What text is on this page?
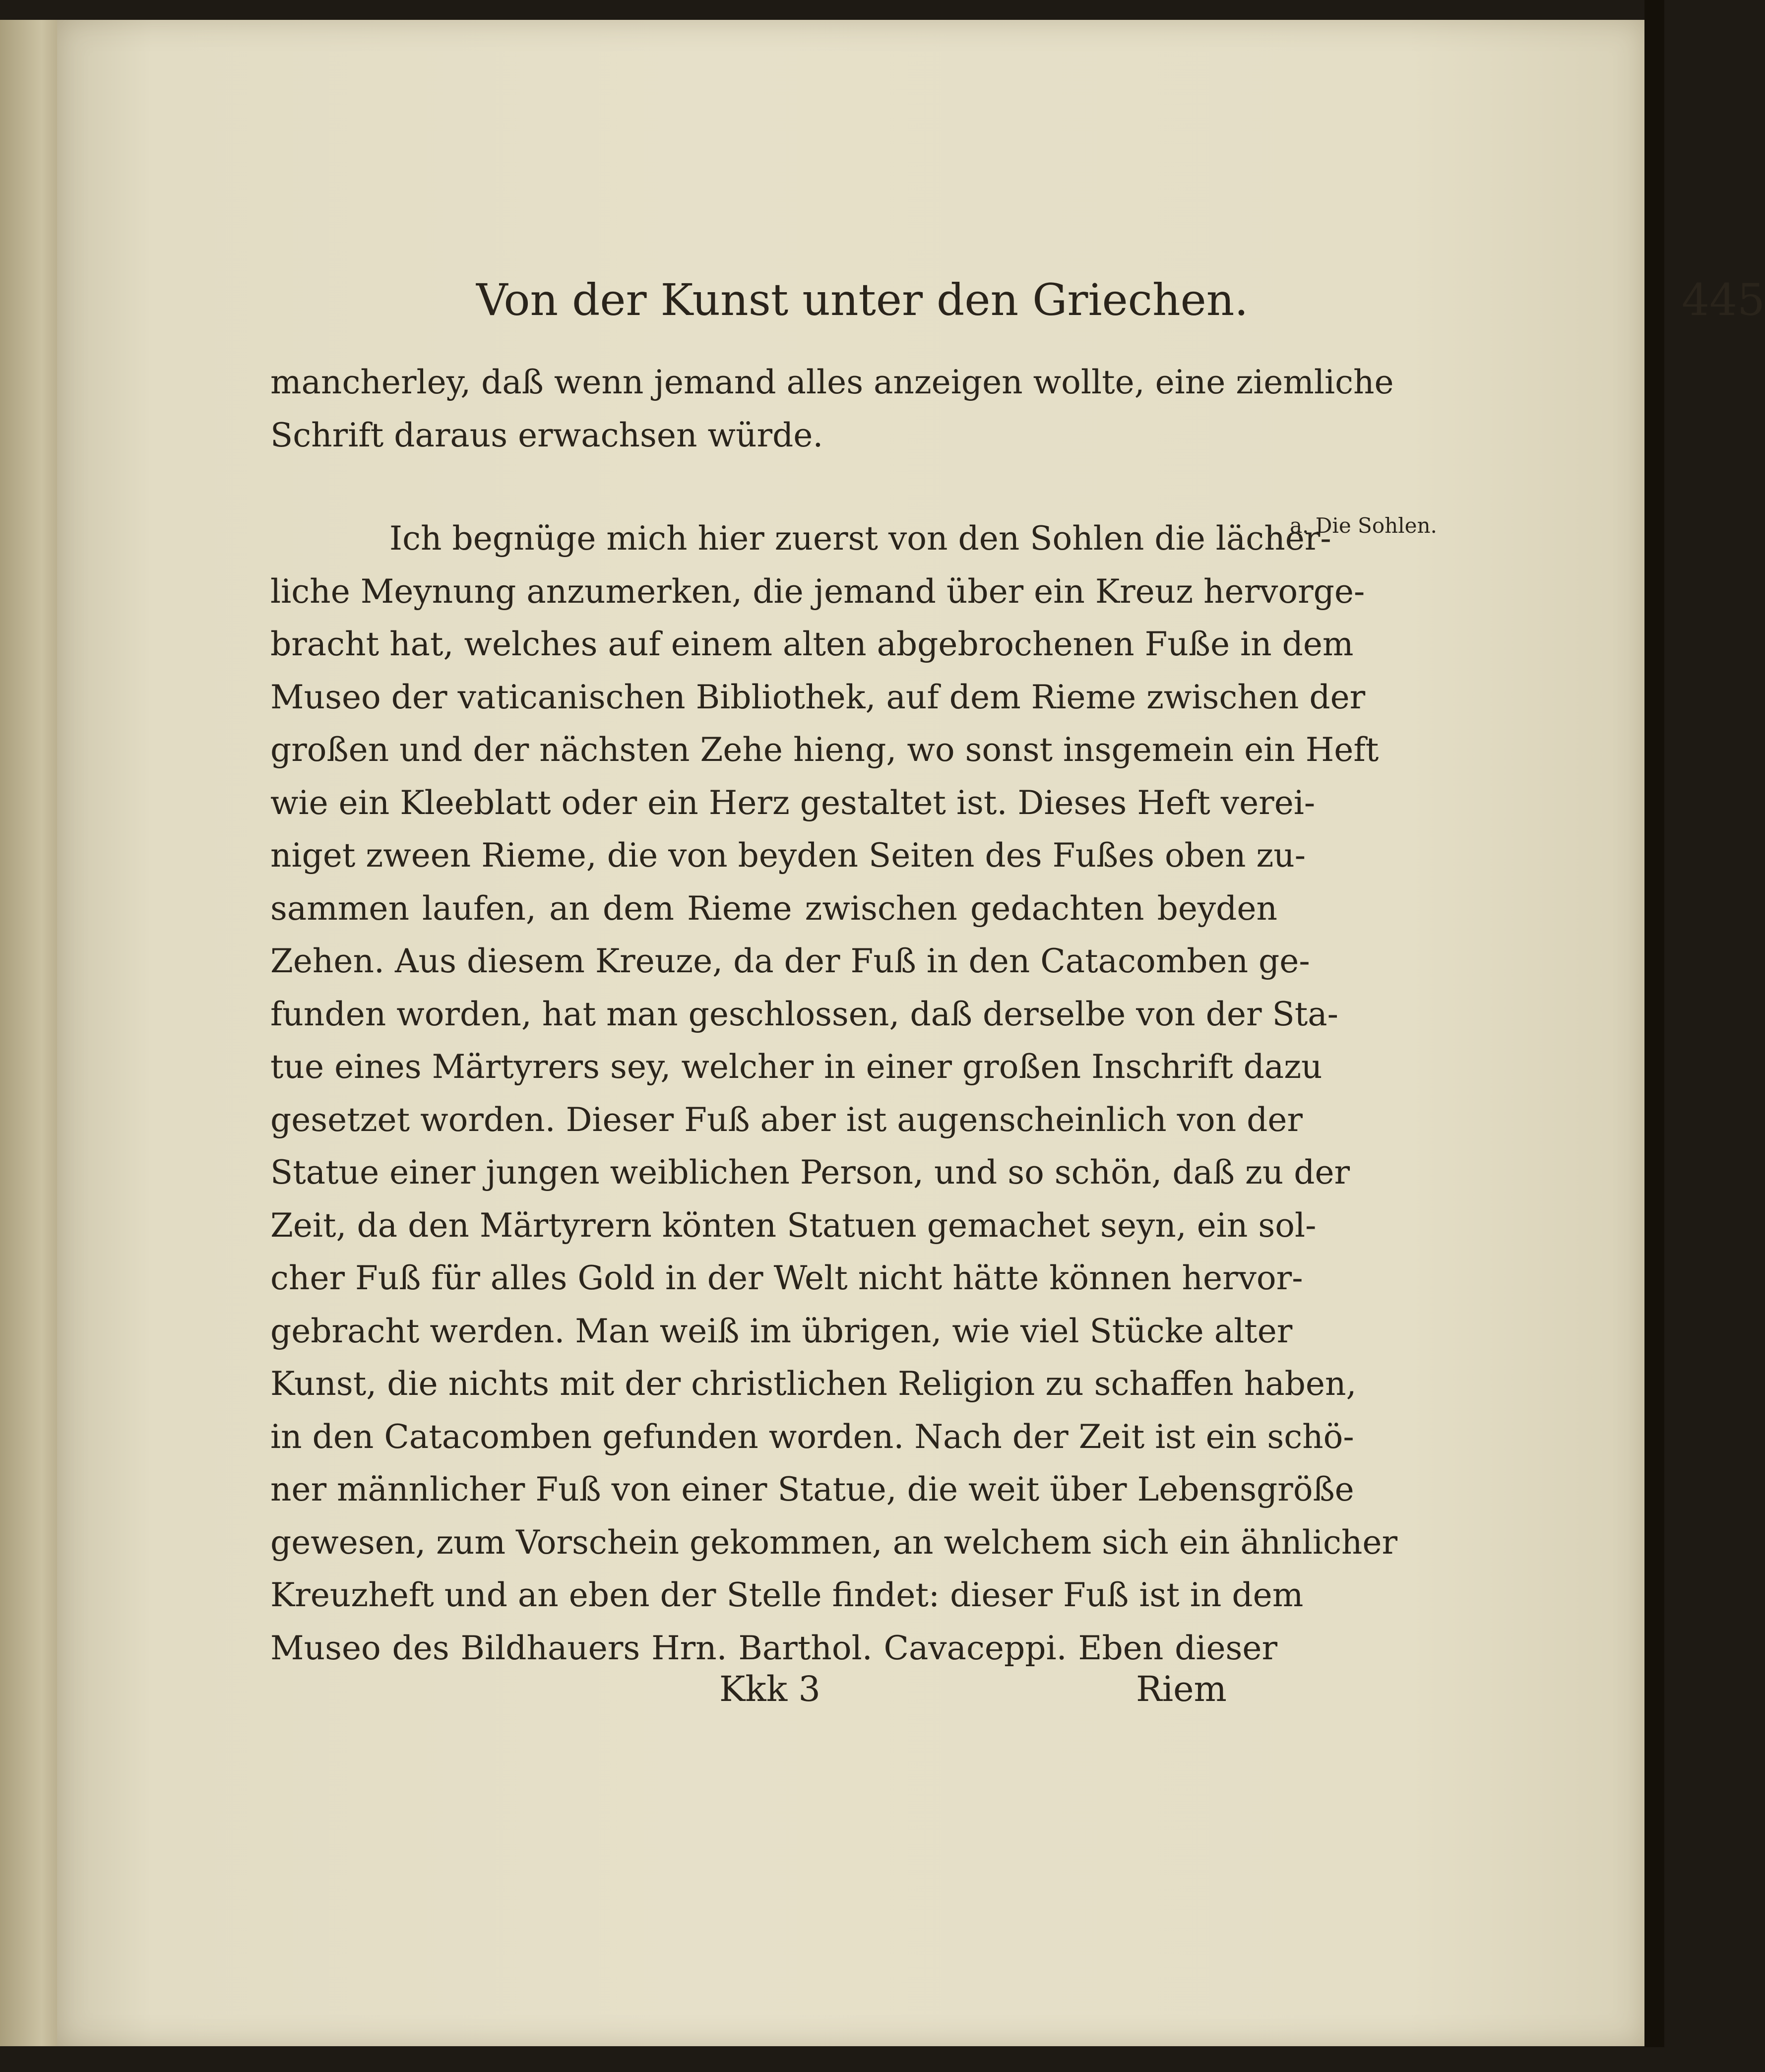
Von der Kunst unter den Griechen.	445
mancherley, daß wenn jemand alles anzeigen wollte, eine ziemliche
Schrift daraus erwachsen würde.
Ich begnüge mich hier zuerst von den Sohlen die lächer-
liche Meynung anzumerken, die jemand über ein Kreuz hervorge-
bracht hat, welches auf einem alten abgebrochenen Fuße in dem
Museo der vaticanischen Bibliothek, auf dem Rieme zwischen der
großen und der nächsten Zehe hieng, wo sonst insgemein ein Heft
wie ein Kleeblatt oder ein Herz gestaltet ist. Dieses Heft verei-
niget zween Rieme, die von beyden Seiten des Fußes oben zu-
sammen laufen, an dem Rieme zwischen gedachten beyden
Zehen. Aus diesem Kreuze, da der Fuß in den Catacomben ge-
funden worden, hat man geschlossen, daß derselbe von der Sta-
tue eines Märtyrers sey, welcher in einer großen Inschrift dazu
gesetzet worden. Dieser Fuß aber ist augenscheinlich von der
Statue einer jungen weiblichen Person, und so schön, daß zu der
Zeit, da den Märtyrern könten Statuen gemachet seyn, ein sol-
cher Fuß für alles Gold in der Welt nicht hätte können hervor-
gebracht werden. Man weiß im übrigen, wie viel Stücke alter
Kunst, die nichts mit der christlichen Religion zu schaffen haben,
in den Catacomben gefunden worden. Nach der Zeit ist ein schö-
ner männlicher Fuß von einer Statue, die weit über Lebensgröße
gewesen, zum Vorschein gekommen, an welchem sich ein ähnlicher
Kreuzheft und an eben der Stelle findet: dieser Fuß ist in dem
Museo des Bildhauers Hrn. Barthol. Cavaceppi. Eben dieser
a. Die Sohlen.
Kkk 3	Riem
